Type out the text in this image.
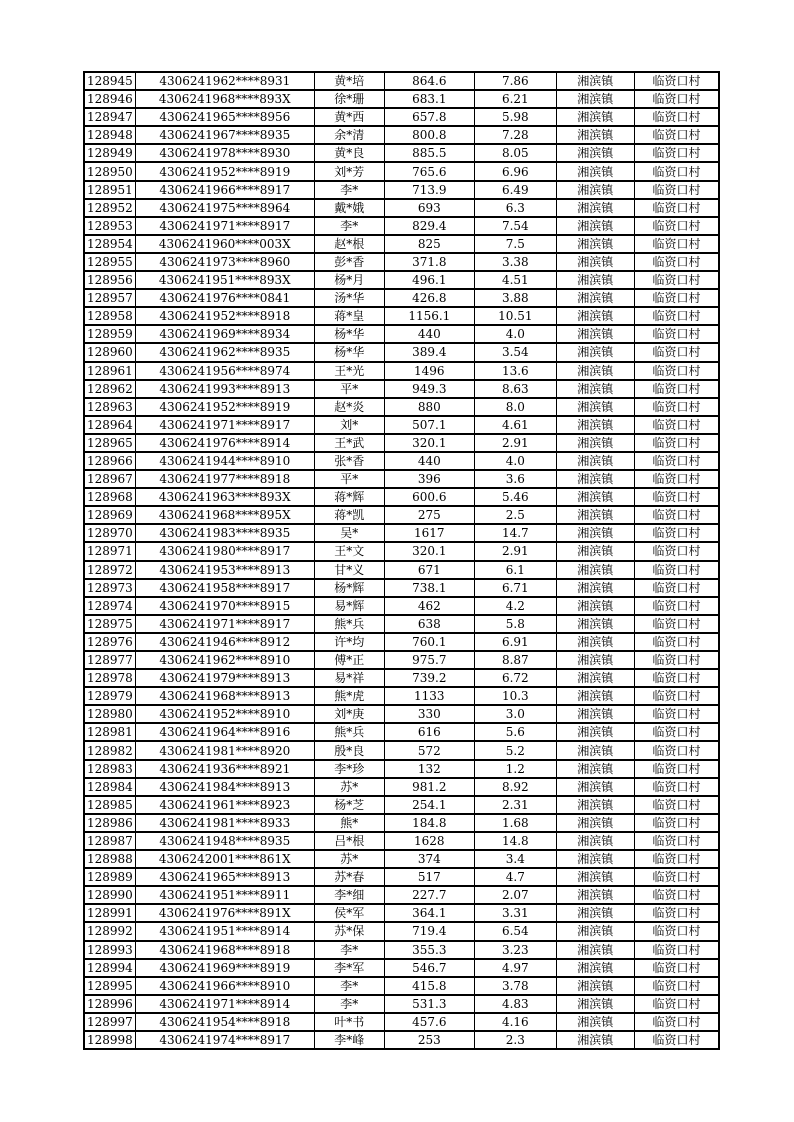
128945	4306241962****8931	黄*培	864.6	7.86	湘滨镇	临资口村
128946	4306241968****893X	徐*珊	683.1	6.21	湘滨镇	临资口村
128947	4306241965****8956	黄*西	657.8	5.98	湘滨镇	临资口村
128948	4306241967****8935	余*清	800.8	7.28	湘滨镇	临资口村
128949	4306241978****8930	黄*良	885.5	8.05	湘滨镇	临资口村
128950	4306241952****8919	刘*芳	765.6	6.96	湘滨镇	临资口村
128951	4306241966****8917	李*	713.9	6.49	湘滨镇	临资口村
128952	4306241975****8964	戴*娥	693	6.3	湘滨镇	临资口村
128953	4306241971****8917	李*	829.4	7.54	湘滨镇	临资口村
128954	4306241960****003X	赵*根	825	7.5	湘滨镇	临资口村
128955	4306241973****8960	彭*香	371.8	3.38	湘滨镇	临资口村
128956	4306241951****893X	杨*月	496.1	4.51	湘滨镇	临资口村
128957	4306241976****0841	汤*华	426.8	3.88	湘滨镇	临资口村
128958	4306241952****8918	蒋*皇	1156.1	10.51	湘滨镇	临资口村
128959	4306241969****8934	杨*华	440	4.0	湘滨镇	临资口村
128960	4306241962****8935	杨*华	389.4	3.54	湘滨镇	临资口村
128961	4306241956****8974	王*光	1496	13.6	湘滨镇	临资口村
128962	4306241993****8913	平*	949.3	8.63	湘滨镇	临资口村
128963	4306241952****8919	赵*炎	880	8.0	湘滨镇	临资口村
128964	4306241971****8917	刘*	507.1	4.61	湘滨镇	临资口村
128965	4306241976****8914	王*武	320.1	2.91	湘滨镇	临资口村
128966	4306241944****8910	张*香	440	4.0	湘滨镇	临资口村
128967	4306241977****8918	平*	396	3.6	湘滨镇	临资口村
128968	4306241963****893X	蒋*辉	600.6	5.46	湘滨镇	临资口村
128969	4306241968****895X	蒋*凯	275	2.5	湘滨镇	临资口村
128970	4306241983****8935	吴*	1617	14.7	湘滨镇	临资口村
128971	4306241980****8917	王*文	320.1	2.91	湘滨镇	临资口村
128972	4306241953****8913	甘*义	671	6.1	湘滨镇	临资口村
128973	4306241958****8917	杨*辉	738.1	6.71	湘滨镇	临资口村
128974	4306241970****8915	易*辉	462	4.2	湘滨镇	临资口村
128975	4306241971****8917	熊*兵	638	5.8	湘滨镇	临资口村
128976	4306241946****8912	许*均	760.1	6.91	湘滨镇	临资口村
128977	4306241962****8910	傅*正	975.7	8.87	湘滨镇	临资口村
128978	4306241979****8913	易*祥	739.2	6.72	湘滨镇	临资口村
128979	4306241968****8913	熊*虎	1133	10.3	湘滨镇	临资口村
128980	4306241952****8910	刘*庚	330	3.0	湘滨镇	临资口村
128981	4306241964****8916	熊*兵	616	5.6	湘滨镇	临资口村
128982	4306241981****8920	殷*良	572	5.2	湘滨镇	临资口村
128983	4306241936****8921	李*珍	132	1.2	湘滨镇	临资口村
128984	4306241984****8913	苏*	981.2	8.92	湘滨镇	临资口村
128985	4306241961****8923	杨*芝	254.1	2.31	湘滨镇	临资口村
128986	4306241981****8933	熊*	184.8	1.68	湘滨镇	临资口村
128987	4306241948****8935	吕*根	1628	14.8	湘滨镇	临资口村
128988	4306242001****861X	苏*	374	3.4	湘滨镇	临资口村
128989	4306241965****8913	苏*春	517	4.7	湘滨镇	临资口村
128990	4306241951****8911	李*细	227.7	2.07	湘滨镇	临资口村
128991	4306241976****891X	侯*军	364.1	3.31	湘滨镇	临资口村
128992	4306241951****8914	苏*保	719.4	6.54	湘滨镇	临资口村
128993	4306241968****8918	李*	355.3	3.23	湘滨镇	临资口村
128994	4306241969****8919	李*军	546.7	4.97	湘滨镇	临资口村
128995	4306241966****8910	李*	415.8	3.78	湘滨镇	临资口村
128996	4306241971****8914	李*	531.3	4.83	湘滨镇	临资口村
128997	4306241954****8918	叶*书	457.6	4.16	湘滨镇	临资口村
128998	4306241974****8917	李*峰	253	2.3	湘滨镇	临资口村
